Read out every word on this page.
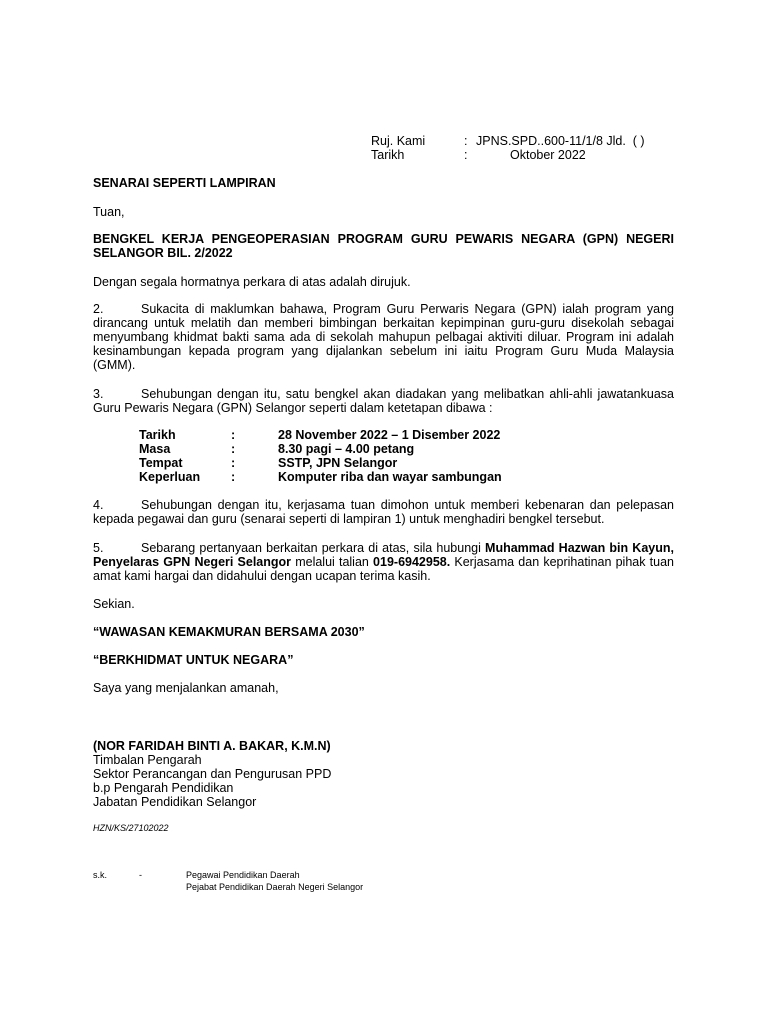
Ruj. Kami	: JPNS.SPD..600-11/1/8 Jld. ( )
Tarikh	:	Oktober 2022
SENARAI SEPERTI LAMPIRAN
Tuan,
BENGKEL KERJA PENGEOPERASIAN PROGRAM GURU PEWARIS NEGARA (GPN) NEGERI SELANGOR BIL. 2/2022
Dengan segala hormatnya perkara di atas adalah dirujuk.
2.	Sukacita di maklumkan bahawa, Program Guru Perwaris Negara (GPN) ialah program yang dirancang untuk melatih dan memberi bimbingan berkaitan kepimpinan guru-guru disekolah sebagai menyumbang khidmat bakti sama ada di sekolah mahupun pelbagai aktiviti diluar. Program ini adalah kesinambungan kepada program yang dijalankan sebelum ini iaitu Program Guru Muda Malaysia (GMM).
3.	Sehubungan dengan itu, satu bengkel akan diadakan yang melibatkan ahli-ahli jawatankuasa Guru Pewaris Negara (GPN) Selangor seperti dalam ketetapan dibawa :
Tarikh	:	28 November 2022 – 1 Disember 2022
Masa	:	8.30 pagi – 4.00 petang
Tempat	:	SSTP, JPN Selangor
Keperluan :	Komputer riba dan wayar sambungan
4.	Sehubungan dengan itu, kerjasama tuan dimohon untuk memberi kebenaran dan pelepasan kepada pegawai dan guru (senarai seperti di lampiran 1) untuk menghadiri bengkel tersebut.
5.	Sebarang pertanyaan berkaitan perkara di atas, sila hubungi Muhammad Hazwan bin Kayun, Penyelaras GPN Negeri Selangor melalui talian 019-6942958. Kerjasama dan keprihatinan pihak tuan amat kami hargai dan didahului dengan ucapan terima kasih.
Sekian.
“WAWASAN KEMAKMURAN BERSAMA 2030”
“BERKHIDMAT UNTUK NEGARA”
Saya yang menjalankan amanah,
(NOR FARIDAH BINTI A. BAKAR, K.M.N)
Timbalan Pengarah
Sektor Perancangan dan Pengurusan PPD
b.p Pengarah Pendidikan
Jabatan Pendidikan Selangor
HZN/KS/27102022
s.k.	-	Pegawai Pendidikan Daerah
Pejabat Pendidikan Daerah Negeri Selangor
